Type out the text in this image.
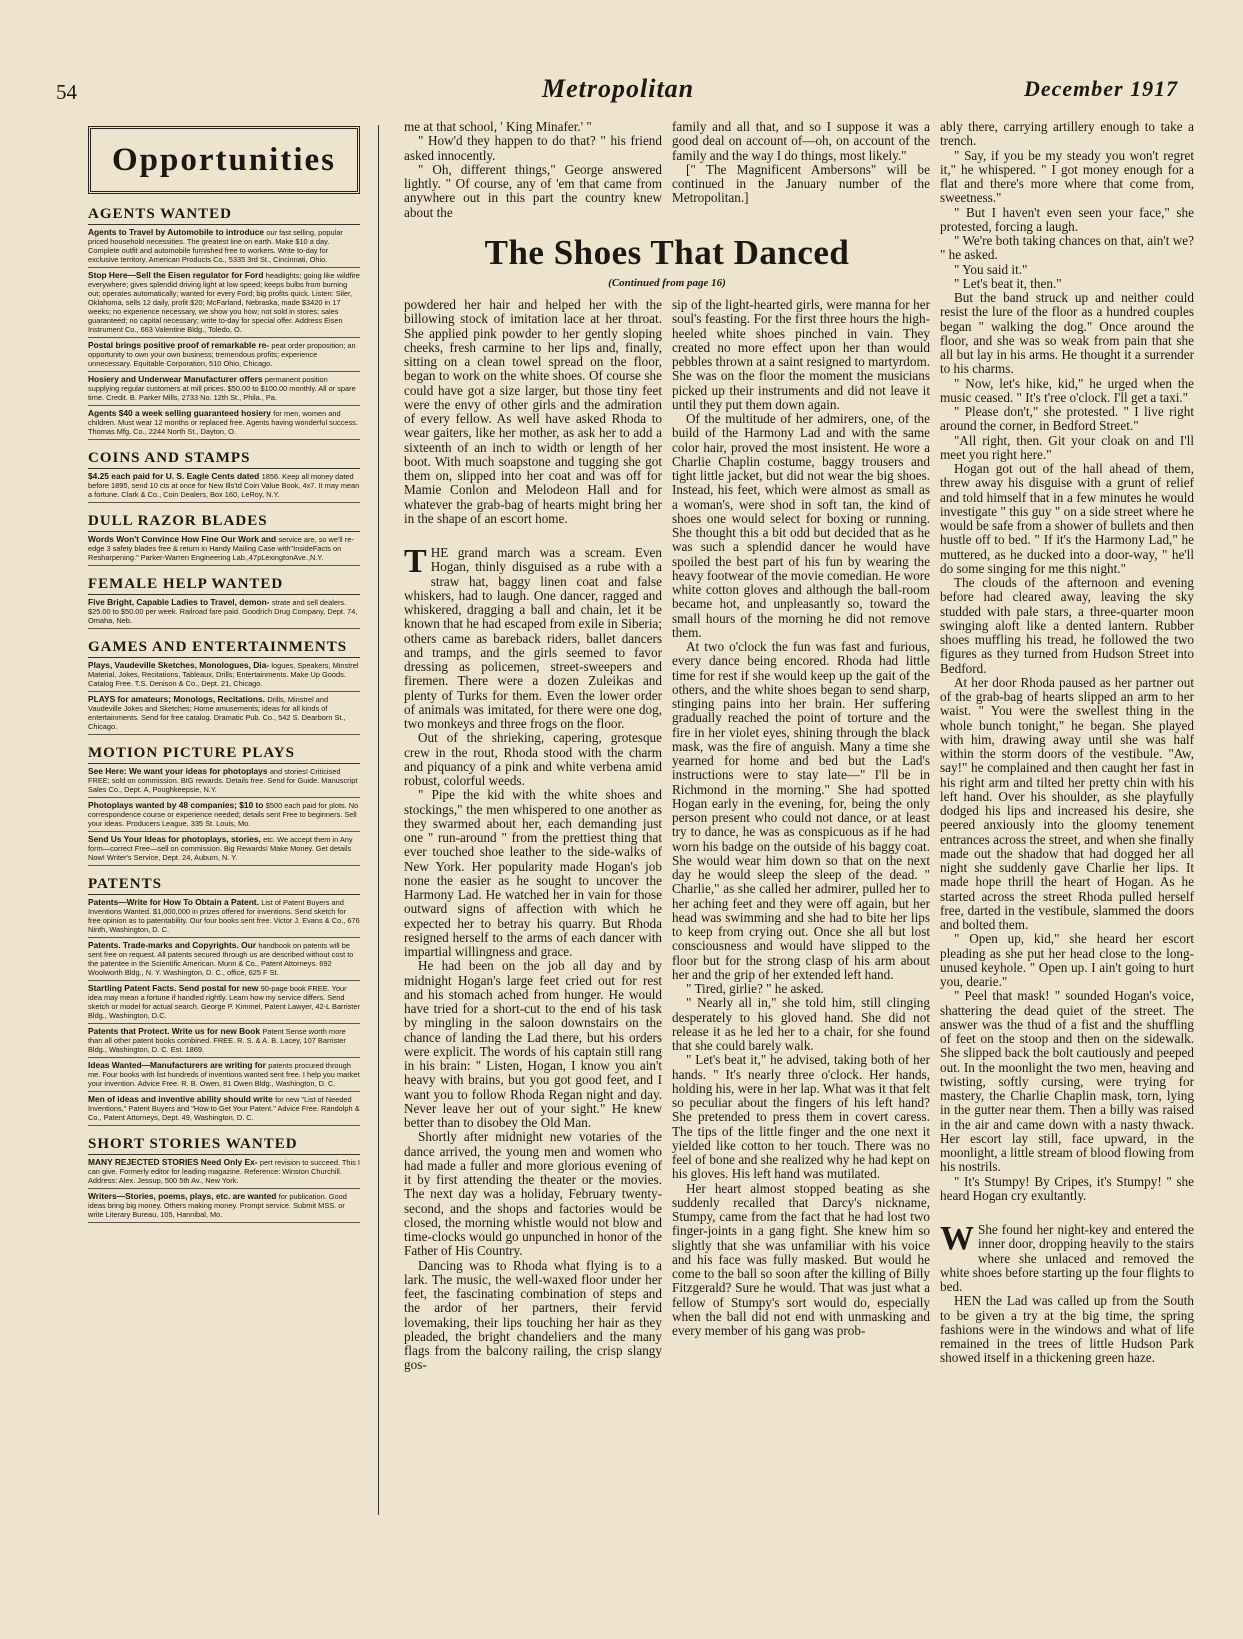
54	Metropolitan	December 1917
Opportunities
AGENTS WANTED
Agents to Travel by Automobile to introduce our fast selling, popular priced household necessities. The greatest line on earth. Make $10 a day. Complete outfit and automobile furnished free to workers. Write to-day for exclusive territory. American Products Co., 5335 3rd St., Cincinnati, Ohio.
Stop Here—Sell the Eisen regulator for Ford headlights; going like wildfire everywhere; gives splendid driving light at low speed; keeps bulbs from burning out; operates automatically; wanted for every Ford; big profits quick. Listen: Siler, Oklahoma, sells 12 daily, profit $20; McFarland, Nebraska, made $3420 in 17 weeks; no experience necessary, we show you how; not sold in stores; sales guaranteed; no capital necessary; write to-day for special offer. Address Eisen Instrument Co., 663 Valentine Bldg., Toledo, O.
Postal brings positive proof of remarkable re- peat order proposition; an opportunity to own your own business; tremendous profits; experience unnecessary. Equitable Corporation, 510 Ohio, Chicago.
Hosiery and Underwear Manufacturer offers permanent position supplying regular customers at mill prices. $50.00 to $100.00 monthly. All or spare time. Credit. B. Parker Mills, 2733 No. 12th St., Phila., Pa.
Agents $40 a week selling guaranteed hosiery for men, women and children. Must wear 12 months or replaced free. Agents having wonderful success. Thomas Mfg. Co., 2244 North St., Dayton, O.
COINS AND STAMPS
$4.25 each paid for U. S. Eagle Cents dated 1856. Keep all money dated before 1895, send 10 cts at once for New Ills'td Coin Value Book, 4x7. It may mean a fortune. Clark & Co., Coin Dealers, Box 160, LeRoy, N.Y.
DULL RAZOR BLADES
Words Won't Convince How Fine Our Work and service are, so we'll re-edge 3 safety blades free & return in Handy Mailing Case with"InsideFacts on Resharpening." Parker-Warren Engineering Lab.,47pLexingtonAve.,N.Y.
FEMALE HELP WANTED
Five Bright, Capable Ladies to Travel, demon- strate and sell dealers. $25.00 to $50.00 per week. Railroad fare paid. Goodrich Drug Company, Dept. 74, Omaha, Neb.
GAMES AND ENTERTAINMENTS
Plays, Vaudeville Sketches, Monologues, Dia- logues, Speakers, Minstrel Material, Jokes, Recitations, Tableaux, Drills; Entertainments. Make Up Goods. Catalog Free. T.S. Denison & Co., Dept. 21, Chicago.
PLAYS for amateurs; Monologs, Recitations. Drills, Minstrel and Vaudeville Jokes and Sketches; Home amusements; ideas for all kinds of entertainments. Send for free catalog. Dramatic Pub. Co., 542 S. Dearborn St., Chicago.
MOTION PICTURE PLAYS
See Here: We want your ideas for photoplays and stories! Criticised FREE; sold on commission. BIG rewards. Details free. Send for Guide. Manuscript Sales Co., Dept. A, Poughkeepsie, N.Y.
Photoplays wanted by 48 companies; $10 to $500 each paid for plots. No correspondence course or experience needed; details sent Free to beginners. Sell your ideas. Producers League, 335 St. Louis, Mo.
Send Us Your Ideas for photoplays, stories, etc. We accept them in Any form—correct Free—sell on commission. Big Rewards! Make Money. Get details Now! Writer's Service, Dept. 24, Auburn, N. Y.
PATENTS
Patents—Write for How To Obtain a Patent. List of Patent Buyers and Inventions Wanted. $1,000,000 in prizes offered for inventions. Send sketch for free opinion as to patentability. Our four books sent free. Victor J. Evans & Co., 676 Ninth, Washington, D. C.
Patents. Trade-marks and Copyrights. Our handbook on patents will be sent free on request. All patents secured through us are described without cost to the patentee in the Scientific American. Munn & Co., Patent Attorneys. 692 Woolworth Bldg., N. Y. Washington, D. C., office, 625 F St.
Startling Patent Facts. Send postal for new 90-page book FREE. Your idea may mean a fortune if handled rightly. Learn how my service differs. Send sketch or model for actual search. George P. Kimmel, Patent Lawyer, 42-L Barrister Bldg., Washington, D.C.
Patents that Protect. Write us for new Book Patent Sense worth more than all other patent books combined. FREE. R. S. & A. B. Lacey, 107 Barrister Bldg., Washington, D. C. Est. 1869.
Ideas Wanted—Manufacturers are writing for patents procured through me. Four books with list hundreds of inventions wanted sent free. I help you market your invention. Advice Free. R. B. Owen, 81 Owen Bldg., Washington, D. C.
Men of ideas and inventive ability should write for new "List of Needed Inventions," Patent Buyers and "How to Get Your Patent." Advice Free. Randolph & Co., Patent Attorneys, Dept. 49, Washington, D. C.
SHORT STORIES WANTED
MANY REJECTED STORIES Need Only Ex- pert revision to succeed. This I can give. Formerly editor for leading magazine. Reference: Winston Churchill. Address: Alex. Jessup, 500 5th Av., New York.
Writers—Stories, poems, plays, etc. are wanted for publication. Good ideas bring big money. Others making money. Prompt service. Submit MSS. or write Literary Bureau, 105, Hannibal, Mo.

me at that school, ' King Minafer.' "

" How'd they happen to do that? " his friend asked innocently.

" Oh, different things," George answered lightly. " Of course, any of 'em that came from anywhere out in this part the country knew about the

family and all that, and so I suppose it was a good deal on account of—oh, on account of the family and the way I do things, most likely."

[" The Magnificent Ambersons" will be continued in the January number of the Metropolitan.]

The Shoes That Danced
(Continued from page 16)

powdered her hair and helped her with the billowing stock of imitation lace at her throat. She applied pink powder to her gently sloping cheeks, fresh carmine to her lips and, finally, sitting on a clean towel spread on the floor, began to work on the white shoes. Of course she could have got a size larger, but those tiny feet were the envy of other girls and the admiration of every fellow. As well have asked Rhoda to wear gaiters, like her mother, as ask her to add a sixteenth of an inch to width or length of her boot. With much soapstone and tugging she got them on, slipped into her coat and was off for Mamie Conlon and Melodeon Hall and for whatever the grab-bag of hearts might bring her in the shape of an escort home.

THE grand march was a scream. Even Hogan, thinly disguised as a rube with a straw hat, baggy linen coat and false whiskers, had to laugh. One dancer, ragged and whiskered, dragging a ball and chain, let it be known that he had escaped from exile in Siberia; others came as bareback riders, ballet dancers and tramps, and the girls seemed to favor dressing as policemen, street-sweepers and firemen. There were a dozen Zuleikas and plenty of Turks for them. Even the lower order of animals was imitated, for there were one dog, two monkeys and three frogs on the floor.

Out of the shrieking, capering, grotesque crew in the rout, Rhoda stood with the charm and piquancy of a pink and white verbena amid robust, colorful weeds.

" Pipe the kid with the white shoes and stockings," the men whispered to one another as they swarmed about her, each demanding just one " run-around " from the prettiest thing that ever touched shoe leather to the side-walks of New York. Her popularity made Hogan's job none the easier as he sought to uncover the Harmony Lad. He watched her in vain for those outward signs of affection with which he expected her to betray his quarry. But Rhoda resigned herself to the arms of each dancer with impartial willingness and grace.

He had been on the job all day and by midnight Hogan's large feet cried out for rest and his stomach ached from hunger. He would have tried for a short-cut to the end of his task by mingling in the saloon downstairs on the chance of landing the Lad there, but his orders were explicit. The words of his captain still rang in his brain: " Listen, Hogan, I know you ain't heavy with brains, but you got good feet, and I want you to follow Rhoda Regan night and day. Never leave her out of your sight." He knew better than to disobey the Old Man.

Shortly after midnight new votaries of the dance arrived, the young men and women who had made a fuller and more glorious evening of it by first attending the theater or the movies. The next day was a holiday, February twenty-second, and the shops and factories would be closed, the morning whistle would not blow and time-clocks would go unpunched in honor of the Father of His Country.

Dancing was to Rhoda what flying is to a lark. The music, the well-waxed floor under her feet, the fascinating combination of steps and the ardor of her partners, their fervid lovemaking, their lips touching her hair as they pleaded, the bright chandeliers and the many flags from the balcony railing, the crisp slangy gos-

sip of the light-hearted girls, were manna for her soul's feasting. For the first three hours the high-heeled white shoes pinched in vain. They created no more effect upon her than would pebbles thrown at a saint resigned to martyrdom. She was on the floor the moment the musicians picked up their instruments and did not leave it until they put them down again.

Of the multitude of her admirers, one, of the build of the Harmony Lad and with the same color hair, proved the most insistent. He wore a Charlie Chaplin costume, baggy trousers and tight little jacket, but did not wear the big shoes. Instead, his feet, which were almost as small as a woman's, were shod in soft tan, the kind of shoes one would select for boxing or running. She thought this a bit odd but decided that as he was such a splendid dancer he would have spoiled the best part of his fun by wearing the heavy footwear of the movie comedian. He wore white cotton gloves and although the ball-room became hot, and unpleasantly so, toward the small hours of the morning he did not remove them.

At two o'clock the fun was fast and furious, every dance being encored. Rhoda had little time for rest if she would keep up the gait of the others, and the white shoes began to send sharp, stinging pains into her brain. Her suffering gradually reached the point of torture and the fire in her violet eyes, shining through the black mask, was the fire of anguish. Many a time she yearned for home and bed but the Lad's instructions were to stay late—" I'll be in Richmond in the morning." She had spotted Hogan early in the evening, for, being the only person present who could not dance, or at least try to dance, he was as conspicuous as if he had worn his badge on the outside of his baggy coat. She would wear him down so that on the next day he would sleep the sleep of the dead. " Charlie," as she called her admirer, pulled her to her aching feet and they were off again, but her head was swimming and she had to bite her lips to keep from crying out. Once she all but lost consciousness and would have slipped to the floor but for the strong clasp of his arm about her and the grip of her extended left hand.

" Tired, girlie? " he asked.

" Nearly all in," she told him, still clinging desperately to his gloved hand. She did not release it as he led her to a chair, for she found that she could barely walk.

" Let's beat it," he advised, taking both of her hands. " It's nearly three o'clock. Her hands, holding his, were in her lap. What was it that felt so peculiar about the fingers of his left hand? She pretended to press them in covert caress. The tips of the little finger and the one next it yielded like cotton to her touch. There was no feel of bone and she realized why he had kept on his gloves. His left hand was mutilated.

Her heart almost stopped beating as she suddenly recalled that Darcy's nickname, Stumpy, came from the fact that he had lost two finger-joints in a gang fight. She knew him so slightly that she was unfamiliar with his voice and his face was fully masked. But would he come to the ball so soon after the killing of Billy Fitzgerald? Sure he would. That was just what a fellow of Stumpy's sort would do, especially when the ball did not end with unmasking and every member of his gang was prob-

ably there, carrying artillery enough to take a trench.

" Say, if you be my steady you won't regret it," he whispered. " I got money enough for a flat and there's more where that come from, sweetness."

" But I haven't even seen your face," she protested, forcing a laugh.

" We're both taking chances on that, ain't we? " he asked.

" You said it."

" Let's beat it, then."

But the band struck up and neither could resist the lure of the floor as a hundred couples began " walking the dog." Once around the floor, and she was so weak from pain that she all but lay in his arms. He thought it a surrender to his charms.

" Now, let's hike, kid," he urged when the music ceased. " It's t'ree o'clock. I'll get a taxi."

" Please don't," she protested. " I live right around the corner, in Bedford Street."

"All right, then. Git your cloak on and I'll meet you right here."

Hogan got out of the hall ahead of them, threw away his disguise with a grunt of relief and told himself that in a few minutes he would investigate " this guy " on a side street where he would be safe from a shower of bullets and then hustle off to bed. " If it's the Harmony Lad," he muttered, as he ducked into a door-way, " he'll do some singing for me this night."

The clouds of the afternoon and evening before had cleared away, leaving the sky studded with pale stars, a three-quarter moon swinging aloft like a dented lantern. Rubber shoes muffling his tread, he followed the two figures as they turned from Hudson Street into Bedford.

At her door Rhoda paused as her partner out of the grab-bag of hearts slipped an arm to her waist. " You were the swellest thing in the whole bunch tonight," he began. She played with him, drawing away until she was half within the storm doors of the vestibule. "Aw, say!" he complained and then caught her fast in his right arm and tilted her pretty chin with his left hand. Over his shoulder, as she playfully dodged his lips and increased his desire, she peered anxiously into the gloomy tenement entrances across the street, and when she finally made out the shadow that had dogged her all night she suddenly gave Charlie her lips. It made hope thrill the heart of Hogan. As he started across the street Rhoda pulled herself free, darted in the vestibule, slammed the doors and bolted them.

" Open up, kid," she heard her escort pleading as she put her head close to the long-unused keyhole. " Open up. I ain't going to hurt you, dearie."

" Peel that mask! " sounded Hogan's voice, shattering the dead quiet of the street. The answer was the thud of a fist and the shuffling of feet on the stoop and then on the sidewalk. She slipped back the bolt cautiously and peeped out. In the moonlight the two men, heaving and twisting, softly cursing, were trying for mastery, the Charlie Chaplin mask, torn, lying in the gutter near them. Then a billy was raised in the air and came down with a nasty thwack. Her escort lay still, face upward, in the moonlight, a little stream of blood flowing from his nostrils.

" It's Stumpy! By Cripes, it's Stumpy! " she heard Hogan cry exultantly.

W She found her night-key and entered the inner door, dropping heavily to the stairs where she unlaced and removed the white shoes before starting up the four flights to bed.

HEN the Lad was called up from the South to be given a try at the big time, the spring fashions were in the windows and what of life remained in the trees of little Hudson Park showed itself in a thickening green haze.
